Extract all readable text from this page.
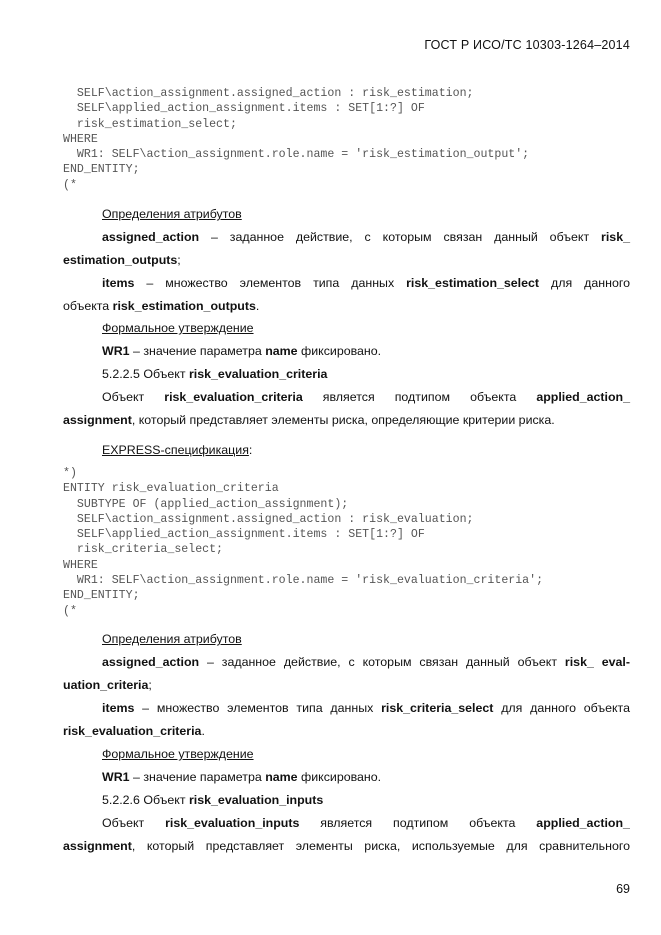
ГОСТ Р ИСО/ТС 10303-1264–2014
SELF\action_assignment.assigned_action : risk_estimation;
SELF\applied_action_assignment.items : SET[1:?] OF
risk_estimation_select;
WHERE
WR1: SELF\action_assignment.role.name = 'risk_estimation_output';
END_ENTITY;
(*
Определения атрибутов
assigned_action – заданное действие, с которым связан данный объект risk_
estimation_outputs;
items – множество элементов типа данных risk_estimation_select для данного
объекта risk_estimation_outputs.
Формальное утверждение
WR1 – значение параметра name фиксировано.
5.2.2.5 Объект risk_evaluation_criteria
Объект risk_evaluation_criteria является подтипом объекта applied_action_
assignment, который представляет элементы риска, определяющие критерии риска.
EXPRESS-спецификация:
*)
ENTITY risk_evaluation_criteria
SUBTYPE OF (applied_action_assignment);
SELF\action_assignment.assigned_action : risk_evaluation;
SELF\applied_action_assignment.items : SET[1:?] OF
risk_criteria_select;
WHERE
WR1: SELF\action_assignment.role.name = 'risk_evaluation_criteria';
END_ENTITY;
(*
Определения атрибутов
assigned_action – заданное действие, с которым связан данный объект risk_ eval-
uation_criteria;
items – множество элементов типа данных risk_criteria_select для данного объекта
risk_evaluation_criteria.
Формальное утверждение
WR1 – значение параметра name фиксировано.
5.2.2.6 Объект risk_evaluation_inputs
Объект risk_evaluation_inputs является подтипом объекта applied_action_
assignment, который представляет элементы риска, используемые для сравнительного
69
